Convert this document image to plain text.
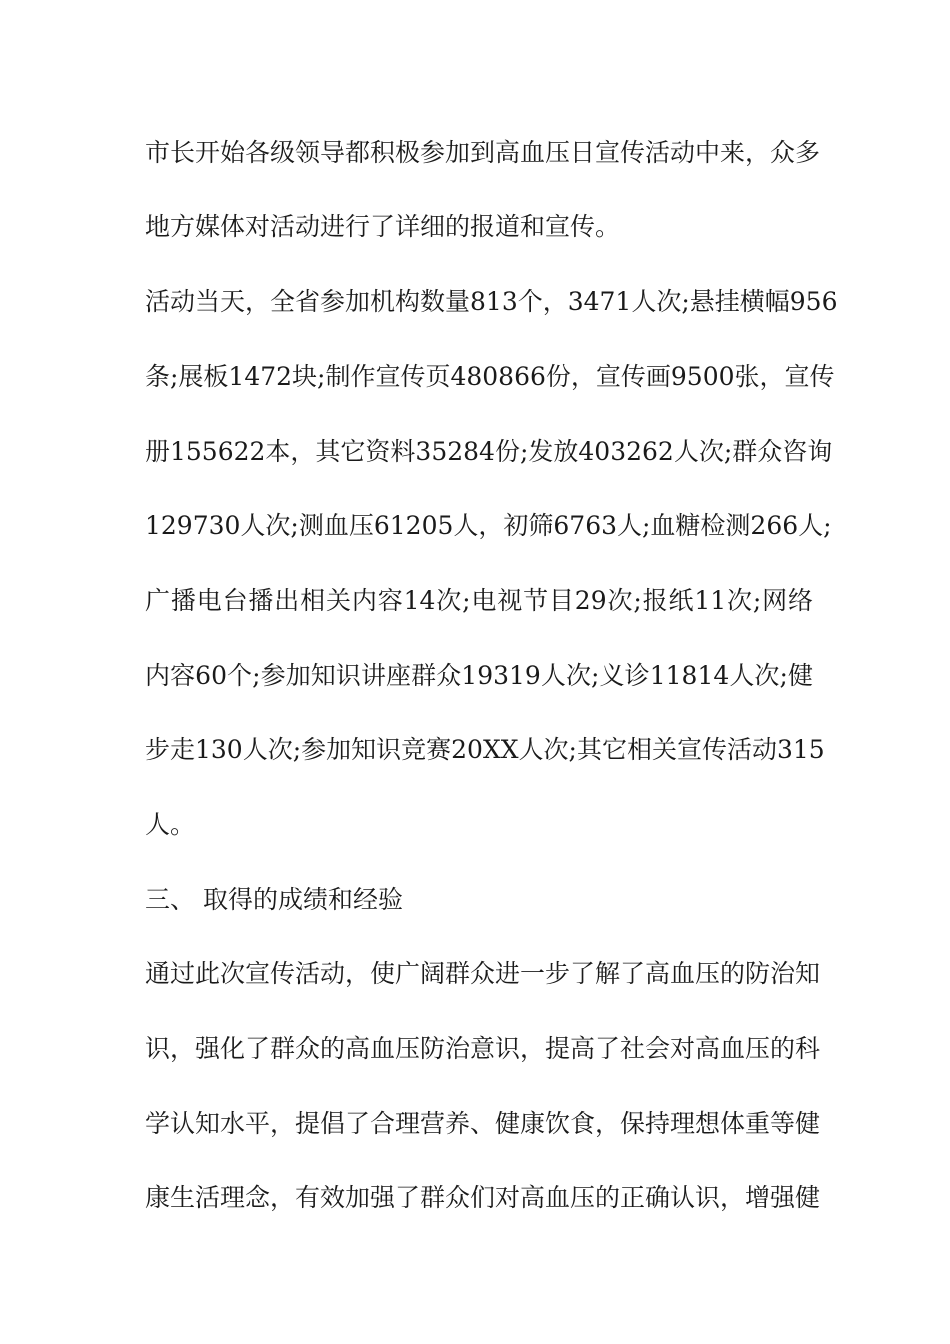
市长开始各级领导都积极参加到高血压日宣传活动中来，众多
地方媒体对活动进行了详细的报道和宣传。
活动当天，全省参加机构数量813个，3471人次;悬挂横幅956
条;展板1472块;制作宣传页480866份，宣传画9500张，宣传
册155622本，其它资料35284份;发放403262人次;群众咨询
129730人次;测血压61205人，初筛6763人;血糖检测266人;
广播电台播出相关内容14次;电视节目29次;报纸11次;网络
内容60个;参加知识讲座群众19319人次;义诊11814人次;健
步走130人次;参加知识竞赛20XX人次;其它相关宣传活动315
人。
三、 取得的成绩和经验
通过此次宣传活动，使广阔群众进一步了解了高血压的防治知
识，强化了群众的高血压防治意识，提高了社会对高血压的科
学认知水平，提倡了合理营养、健康饮食，保持理想体重等健
康生活理念，有效加强了群众们对高血压的正确认识，增强健
